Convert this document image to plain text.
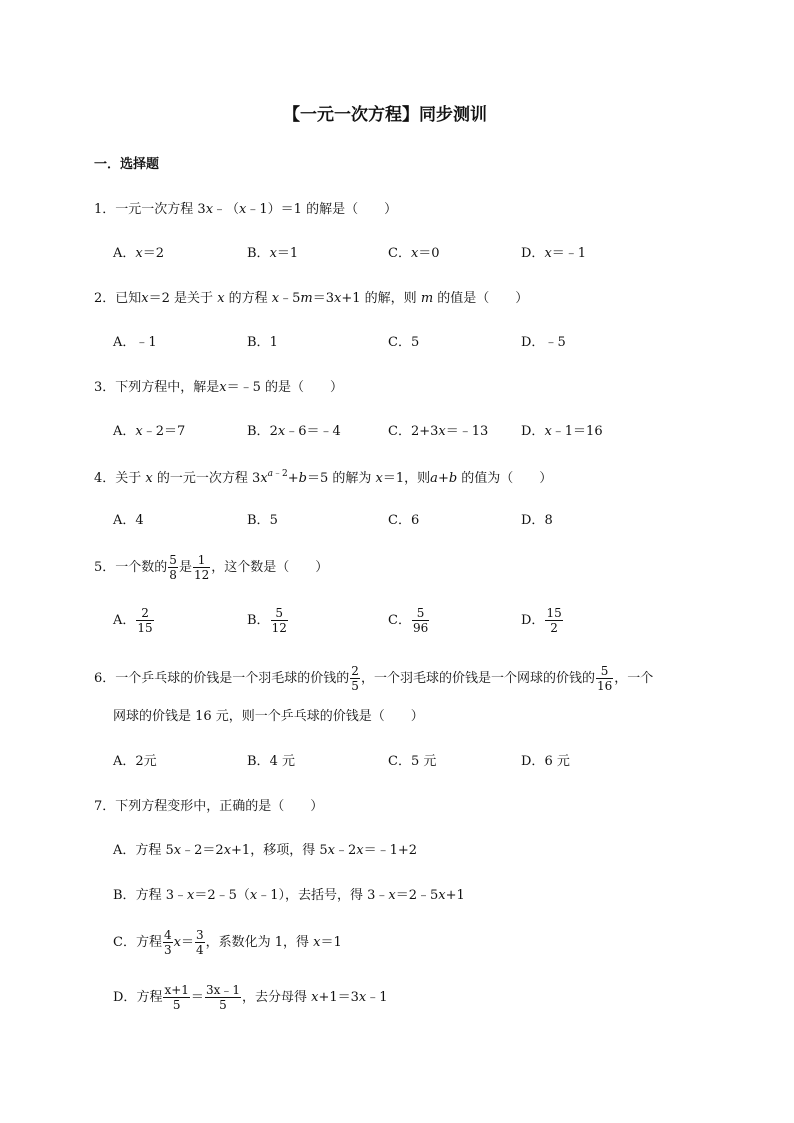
【一元一次方程】同步测训
一．选择题
1．一元一次方程 3x﹣（x﹣1）＝1 的解是（　　）
A．x＝2	B．x＝1	C．x＝0	D．x＝﹣1
2．已知x＝2 是关于 x 的方程 x﹣5m＝3x+1 的解，则 m 的值是（　　）
A．﹣1	B．1	C．5	D．﹣5
3．下列方程中，解是x＝﹣5 的是（　　）
A．x﹣2＝7	B．2x﹣6＝﹣4	C．2+3x＝﹣13	D．x﹣1＝16
4．关于 x 的一元一次方程 $3x^{a﹣2}+b=5$ 的解为 x＝1，则a+b 的值为（　　）
A．4	B．5	C．6	D．8
5．一个数的 $\frac{5}{8}$ 是 $\frac{1}{12}$ ，这个数是（　　）
A． $\frac{2}{15}$	B． $\frac{5}{12}$	C． $\frac{5}{96}$	D． $\frac{15}{2}$
6．一个乒乓球的价钱是一个羽毛球的价钱的 $\frac{2}{5}$ ，一个羽毛球的价钱是一个网球的价钱的 $\frac{5}{16}$ ，一个
网球的价钱是 16 元，则一个乒乓球的价钱是（　　）
A．2元	B．4 元	C．5 元	D．6 元
7．下列方程变形中，正确的是（　　）
A．方程 5x﹣2＝2x+1，移项，得 5x﹣2x＝﹣1+2
B．方程 3﹣x＝2﹣5（x﹣1），去括号，得 3﹣x＝2﹣5x+1
C．方程 $\frac{4}{3} x= \frac{3}{4}$ ，系数化为 1，得 x＝1
D．方程 $\frac{x+1}{5} = \frac{3x﹣1}{5}$ ，去分母得 x+1＝3x﹣1
